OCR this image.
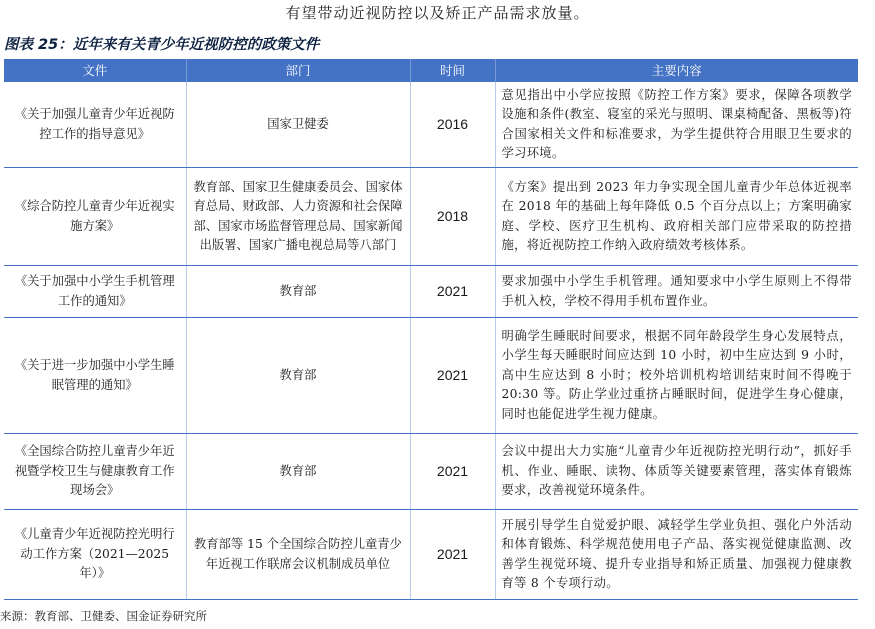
有望带动近视防控以及矫正产品需求放量。
图表 25：近年来有关青少年近视防控的政策文件
文件	部门	时间	主要内容
《关于加强儿童青少年近视防控工作的指导意见》	国家卫健委	2016	意见指出中小学应按照《防控工作方案》要求，保障各项教学设施和条件(教室、寝室的采光与照明、课桌椅配备、黑板等)符合国家相关文件和标准要求，为学生提供符合用眼卫生要求的学习环境。
《综合防控儿童青少年近视实施方案》	教育部、国家卫生健康委员会、国家体育总局、财政部、人力资源和社会保障部、国家市场监督管理总局、国家新闻出版署、国家广播电视总局等八部门	2018	《方案》提出到 2023 年力争实现全国儿童青少年总体近视率在 2018 年的基础上每年降低 0.5 个百分点以上；方案明确家庭、学校、医疗卫生机构、政府相关部门应带采取的防控措施，将近视防控工作纳入政府绩效考核体系。
《关于加强中小学生手机管理工作的通知》	教育部	2021	要求加强中小学生手机管理。通知要求中小学生原则上不得带手机入校，学校不得用手机布置作业。
《关于进一步加强中小学生睡眠管理的通知》	教育部	2021	明确学生睡眠时间要求，根据不同年龄段学生身心发展特点，小学生每天睡眠时间应达到 10 小时，初中生应达到 9 小时，高中生应达到 8 小时；校外培训机构培训结束时间不得晚于 20:30 等。防止学业过重挤占睡眠时间，促进学生身心健康，同时也能促进学生视力健康。
《全国综合防控儿童青少年近视暨学校卫生与健康教育工作现场会》	教育部	2021	会议中提出大力实施“儿童青少年近视防控光明行动”，抓好手机、作业、睡眠、读物、体质等关键要素管理，落实体育锻炼要求，改善视觉环境条件。
《儿童青少年近视防控光明行动工作方案（2021—2025 年）》	教育部等 15 个全国综合防控儿童青少年近视工作联席会议机制成员单位	2021	开展引导学生自觉爱护眼、减轻学生学业负担、强化户外活动和体育锻炼、科学规范使用电子产品、落实视觉健康监测、改善学生视觉环境、提升专业指导和矫正质量、加强视力健康教育等 8 个专项行动。
来源：教育部、卫健委、国金证券研究所
